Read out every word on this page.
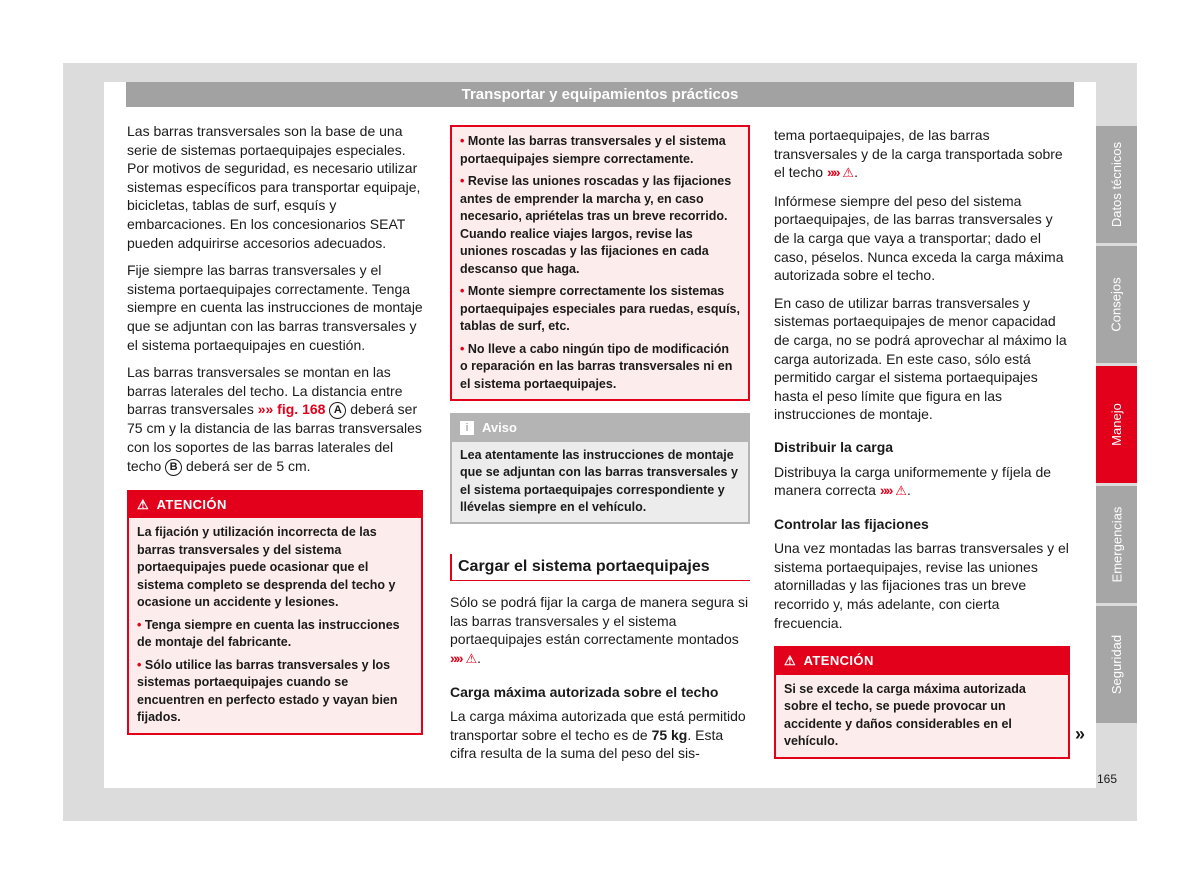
Transportar y equipamientos prácticos

Las barras transversales son la base de una serie de sistemas portaequipajes especiales. Por motivos de seguridad, es necesario utilizar sistemas específicos para transportar equipaje, bicicletas, tablas de surf, esquís y embarcaciones. En los concesionarios SEAT pueden adquirirse accesorios adecuados.

Fije siempre las barras transversales y el sistema portaequipajes correctamente. Tenga siempre en cuenta las instrucciones de montaje que se adjuntan con las barras transversales y el sistema portaequipajes en cuestión.

Las barras transversales se montan en las barras laterales del techo. La distancia entre barras transversales »» fig. 168 A deberá ser 75 cm y la distancia de las barras transversales con los soportes de las barras laterales del techo B deberá ser de 5 cm.

⚠ ATENCIÓN

La fijación y utilización incorrecta de las barras transversales y del sistema portaequipajes puede ocasionar que el sistema completo se desprenda del techo y ocasione un accidente y lesiones.

• Tenga siempre en cuenta las instrucciones de montaje del fabricante.

• Sólo utilice las barras transversales y los sistemas portaequipajes cuando se encuentren en perfecto estado y vayan bien fijados.

• Monte las barras transversales y el sistema portaequipajes siempre correctamente.

• Revise las uniones roscadas y las fijaciones antes de emprender la marcha y, en caso necesario, apriételas tras un breve recorrido. Cuando realice viajes largos, revise las uniones roscadas y las fijaciones en cada descanso que haga.

• Monte siempre correctamente los sistemas portaequipajes especiales para ruedas, esquís, tablas de surf, etc.

• No lleve a cabo ningún tipo de modificación o reparación en las barras transversales ni en el sistema portaequipajes.

i	Aviso
Lea atentamente las instrucciones de montaje que se adjuntan con las barras transversales y el sistema portaequipajes correspondiente y llévelas siempre en el vehículo.
Cargar el sistema portaequipajes

Sólo se podrá fijar la carga de manera segura si las barras transversales y el sistema portaequipajes están correctamente montados »» ⚠.

Carga máxima autorizada sobre el techo

La carga máxima autorizada que está permitido transportar sobre el techo es de 75 kg. Esta cifra resulta de la suma del peso del sis-

tema portaequipajes, de las barras transversales y de la carga transportada sobre el techo »» ⚠.

Infórmese siempre del peso del sistema portaequipajes, de las barras transversales y de la carga que vaya a transportar; dado el caso, péselos. Nunca exceda la carga máxima autorizada sobre el techo.

En caso de utilizar barras transversales y sistemas portaequipajes de menor capacidad de carga, no se podrá aprovechar al máximo la carga autorizada. En este caso, sólo está permitido cargar el sistema portaequipajes hasta el peso límite que figura en las instrucciones de montaje.

Distribuir la carga

Distribuya la carga uniformemente y fíjela de manera correcta »» ⚠.

Controlar las fijaciones

Una vez montadas las barras transversales y el sistema portaequipajes, revise las uniones atornilladas y las fijaciones tras un breve recorrido y, más adelante, con cierta frecuencia.

⚠ ATENCIÓN
Si se excede la carga máxima autorizada sobre el techo, se puede provocar un accidente y daños considerables en el vehículo.	»
Datos técnicos
Consejos
Manejo
Emergencias
Seguridad
165
